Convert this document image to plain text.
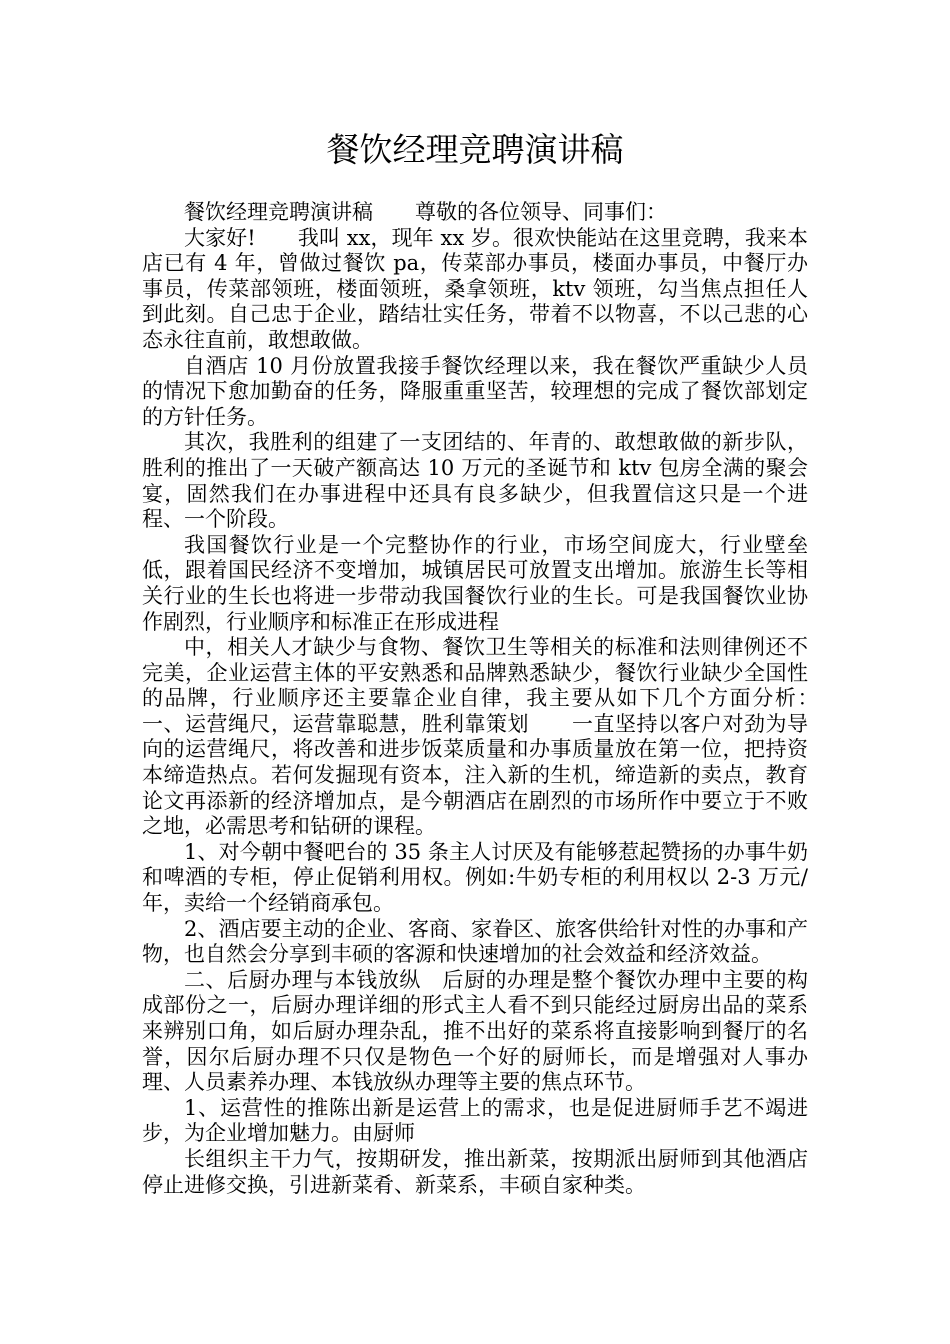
餐饮经理竞聘演讲稿

餐饮经理竞聘演讲稿　　尊敬的各位领导、同事们：

大家好!　　我叫 xx，现年 xx 岁。很欢快能站在这里竞聘，我来本店已有 4 年，曾做过餐饮 pa，传菜部办事员，楼面办事员，中餐厅办事员，传菜部领班，楼面领班，桑拿领班，ktv 领班，勾当焦点担任人到此刻。自己忠于企业，踏结壮实任务，带着不以物喜，不以己悲的心态永往直前，敢想敢做。

自酒店 10 月份放置我接手餐饮经理以来，我在餐饮严重缺少人员的情况下愈加勤奋的任务，降服重重坚苦，较理想的完成了餐饮部划定的方针任务。

其次，我胜利的组建了一支团结的、年青的、敢想敢做的新步队，胜利的推出了一天破产额高达 10 万元的圣诞节和 ktv 包房全满的聚会宴，固然我们在办事进程中还具有良多缺少，但我置信这只是一个进程、一个阶段。

我国餐饮行业是一个完整协作的行业，市场空间庞大，行业壁垒低，跟着国民经济不变增加，城镇居民可放置支出增加。旅游生长等相关行业的生长也将进一步带动我国餐饮行业的生长。可是我国餐饮业协作剧烈，行业顺序和标准正在形成进程

中，相关人才缺少与食物、餐饮卫生等相关的标准和法则律例还不完美，企业运营主体的平安熟悉和品牌熟悉缺少，餐饮行业缺少全国性的品牌，行业顺序还主要靠企业自律，我主要从如下几个方面分析：　　一、运营绳尺，运营靠聪慧，胜利靠策划　　一直坚持以客户对劲为导向的运营绳尺，将改善和进步饭菜质量和办事质量放在第一位，把持资本缔造热点。若何发掘现有资本，注入新的生机，缔造新的卖点，教育论文再添新的经济增加点，是今朝酒店在剧烈的市场所作中要立于不败之地，必需思考和钻研的课程。

1、对今朝中餐吧台的 35 条主人讨厌及有能够惹起赞扬的办事牛奶和啤酒的专柜，停止促销利用权。例如:牛奶专柜的利用权以 2-3 万元/年，卖给一个经销商承包。

2、酒店要主动的企业、客商、家眷区、旅客供给针对性的办事和产物，也自然会分享到丰硕的客源和快速增加的社会效益和经济效益。

二、后厨办理与本钱放纵　后厨的办理是整个餐饮办理中主要的构成部份之一，后厨办理详细的形式主人看不到只能经过厨房出品的菜系来辨别口角，如后厨办理杂乱，推不出好的菜系将直接影响到餐厅的名誉，因尔后厨办理不只仅是物色一个好的厨师长，而是增强对人事办理、人员素养办理、本钱放纵办理等主要的焦点环节。

1、运营性的推陈出新是运营上的需求，也是促进厨师手艺不竭进步，为企业增加魅力。由厨师

长组织主干力气，按期研发，推出新菜，按期派出厨师到其他酒店停止进修交换，引进新菜肴、新菜系，丰硕自家种类。
